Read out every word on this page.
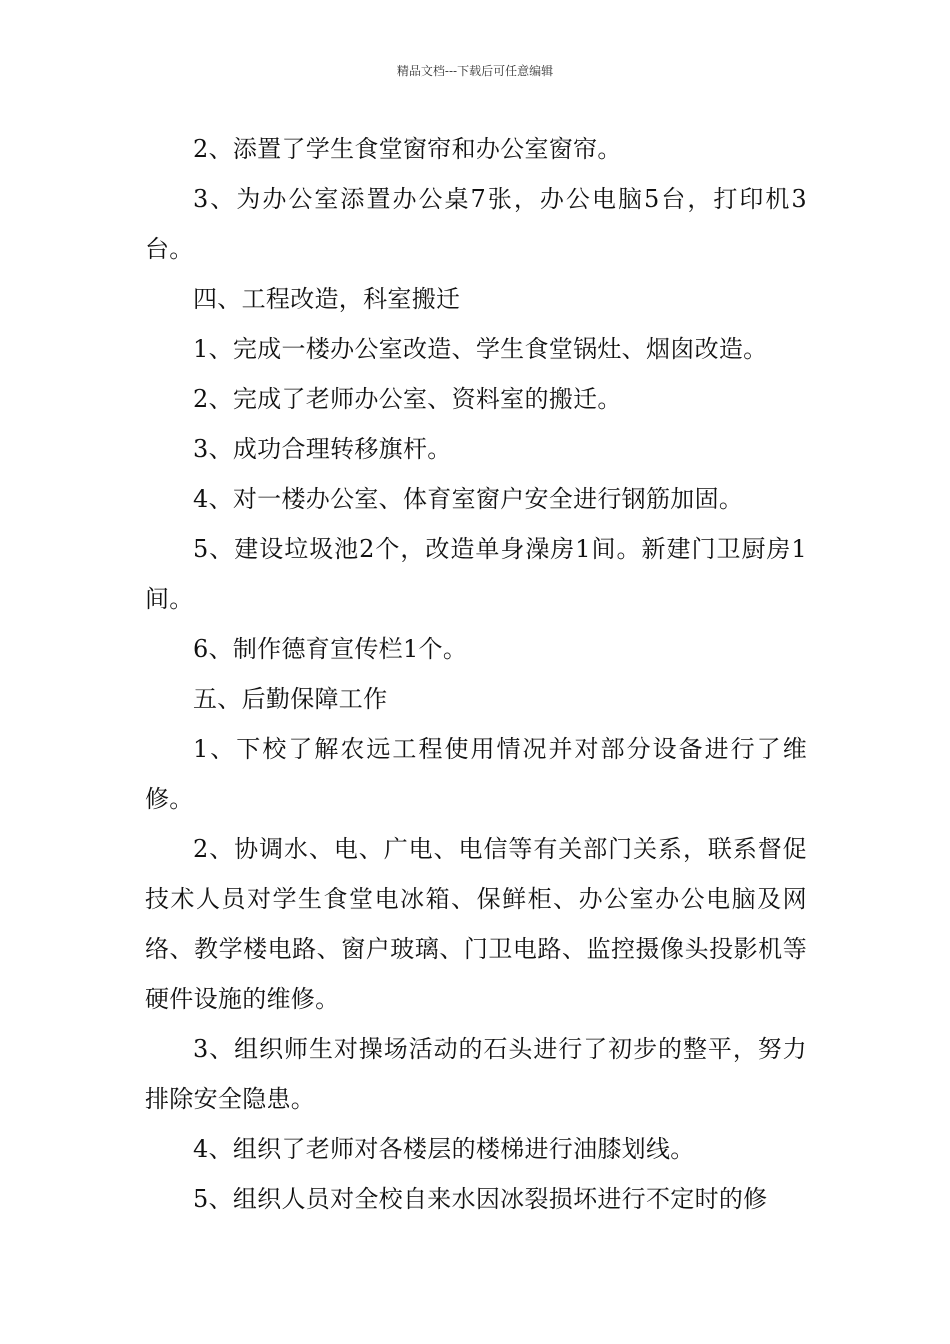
精品文档---下载后可任意编辑

2、添置了学生食堂窗帘和办公室窗帘。

3、为办公室添置办公桌7张，办公电脑5台，打印机3台。

四、工程改造，科室搬迁

1、完成一楼办公室改造、学生食堂锅灶、烟囱改造。

2、完成了老师办公室、资料室的搬迁。

3、成功合理转移旗杆。

4、对一楼办公室、体育室窗户安全进行钢筋加固。

5、建设垃圾池2个，改造单身澡房1间。新建门卫厨房1间。

6、制作德育宣传栏1个。

五、后勤保障工作

1、下校了解农远工程使用情况并对部分设备进行了维修。

2、协调水、电、广电、电信等有关部门关系，联系督促技术人员对学生食堂电冰箱、保鲜柜、办公室办公电脑及网络、教学楼电路、窗户玻璃、门卫电路、监控摄像头投影机等硬件设施的维修。

3、组织师生对操场活动的石头进行了初步的整平，努力排除安全隐患。

4、组织了老师对各楼层的楼梯进行油膝划线。

5、组织人员对全校自来水因冰裂损坏进行不定时的修
